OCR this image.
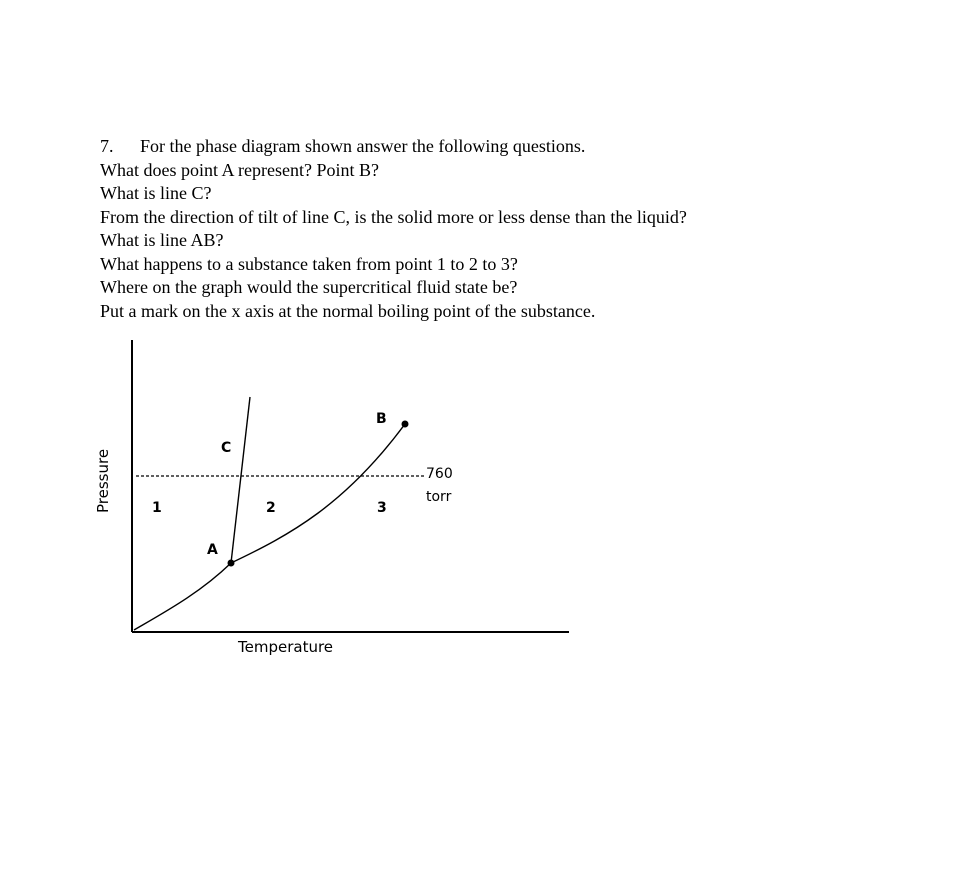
7. For the phase diagram shown answer the following questions.
What does point A represent? Point B?
What is line C?
From the direction of tilt of line C, is the solid more or less dense than the liquid?
What is line AB?
What happens to a substance taken from point 1 to 2 to 3?
Where on the graph would the supercritical fluid state be?
Put a mark on the x axis at the normal boiling point of the substance.
C
B
A
1	2	3
760
torr
Temperature
Pressure
